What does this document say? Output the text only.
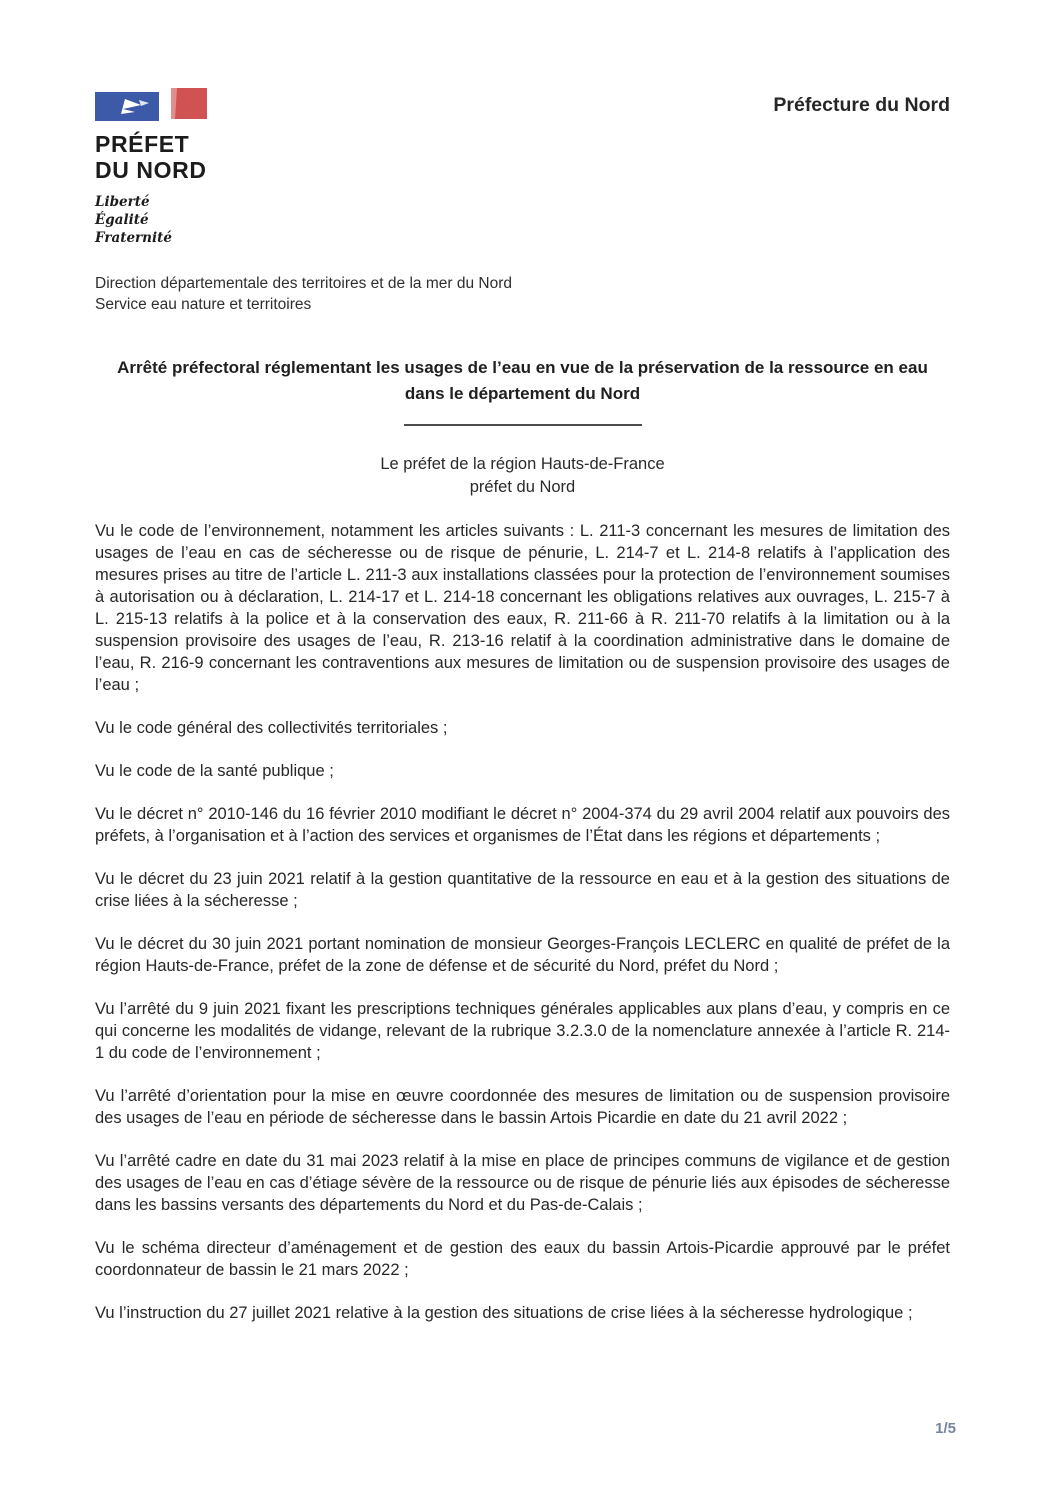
PRÉFET
DU NORD
Liberté
Égalité
Fraternité
Préfecture du Nord
Direction départementale des territoires et de la mer du Nord
Service eau nature et territoires
Arrêté préfectoral réglementant les usages de l’eau en vue de la préservation de la ressource en eau
dans le département du Nord
Le préfet de la région Hauts-de-France
préfet du Nord

Vu le code de l’environnement, notamment les articles suivants : L. 211-3 concernant les mesures de limitation des usages de l’eau en cas de sécheresse ou de risque de pénurie, L. 214-7 et L. 214-8 relatifs à l’application des mesures prises au titre de l’article L. 211-3 aux installations classées pour la protection de l’environnement soumises à autorisation ou à déclaration, L. 214-17 et L. 214-18 concernant les obligations relatives aux ouvrages, L. 215-7 à L. 215-13 relatifs à la police et à la conservation des eaux, R. 211-66 à R. 211-70 relatifs à la limitation ou à la suspension provisoire des usages de l’eau, R. 213-16 relatif à la coordination administrative dans le domaine de l’eau, R. 216-9 concernant les contraventions aux mesures de limitation ou de suspension provisoire des usages de l’eau ;

Vu le code général des collectivités territoriales ;

Vu le code de la santé publique ;

Vu le décret n° 2010-146 du 16 février 2010 modifiant le décret n° 2004-374 du 29 avril 2004 relatif aux pouvoirs des préfets, à l’organisation et à l’action des services et organismes de l’État dans les régions et départements ;

Vu le décret du 23 juin 2021 relatif à la gestion quantitative de la ressource en eau et à la gestion des situations de crise liées à la sécheresse ;

Vu le décret du 30 juin 2021 portant nomination de monsieur Georges-François LECLERC en qualité de préfet de la région Hauts-de-France, préfet de la zone de défense et de sécurité du Nord, préfet du Nord ;

Vu l’arrêté du 9 juin 2021 fixant les prescriptions techniques générales applicables aux plans d’eau, y compris en ce qui concerne les modalités de vidange, relevant de la rubrique 3.2.3.0 de la nomenclature annexée à l’article R. 214-1 du code de l’environnement ;

Vu l’arrêté d’orientation pour la mise en œuvre coordonnée des mesures de limitation ou de suspension provisoire des usages de l’eau en période de sécheresse dans le bassin Artois Picardie en date du 21 avril 2022 ;

Vu l’arrêté cadre en date du 31 mai 2023 relatif à la mise en place de principes communs de vigilance et de gestion des usages de l’eau en cas d’étiage sévère de la ressource ou de risque de pénurie liés aux épisodes de sécheresse dans les bassins versants des départements du Nord et du Pas-de-Calais ;

Vu le schéma directeur d’aménagement et de gestion des eaux du bassin Artois-Picardie approuvé par le préfet coordonnateur de bassin le 21 mars 2022 ;

Vu l’instruction du 27 juillet 2021 relative à la gestion des situations de crise liées à la sécheresse hydrologique ;

1/5
